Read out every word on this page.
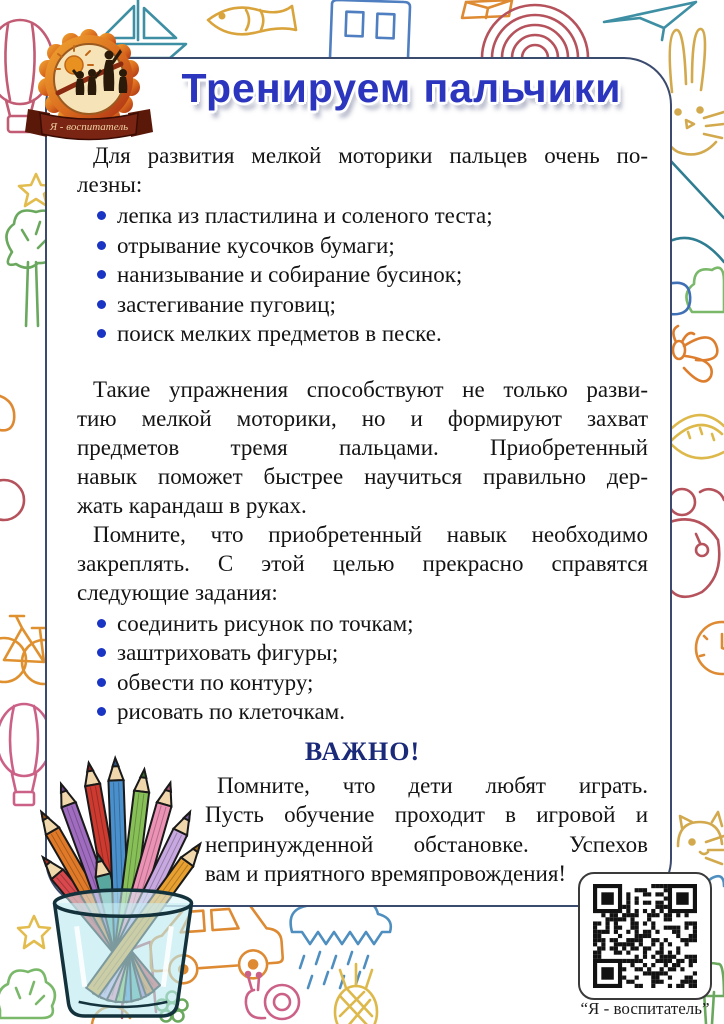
Тренируем пальчики
Для развития мелкой моторики пальцев очень по-
лезны:
лепка из пластилина и соленого теста;
отрывание кусочков бумаги;
нанизывание и собирание бусинок;
застегивание пуговиц;
поиск мелких предметов в песке.
Такие упражнения способствуют не только разви-
тию мелкой моторики, но и формируют захват
предметов тремя пальцами. Приобретенный
навык поможет быстрее научиться правильно дер-
жать карандаш в руках.
Помните, что приобретенный навык необходимо
закреплять. С этой целью прекрасно справятся
следующие задания:
соединить рисунок по точкам;
заштриховать фигуры;
обвести по контуру;
рисовать по клеточкам.
ВАЖНО!
Помните, что дети любят играть.
Пусть обучение проходит в игровой и
непринужденной обстановке. Успехов
вам и приятного времяпровождения!
Я - воспитатель
“Я - воспитатель”
